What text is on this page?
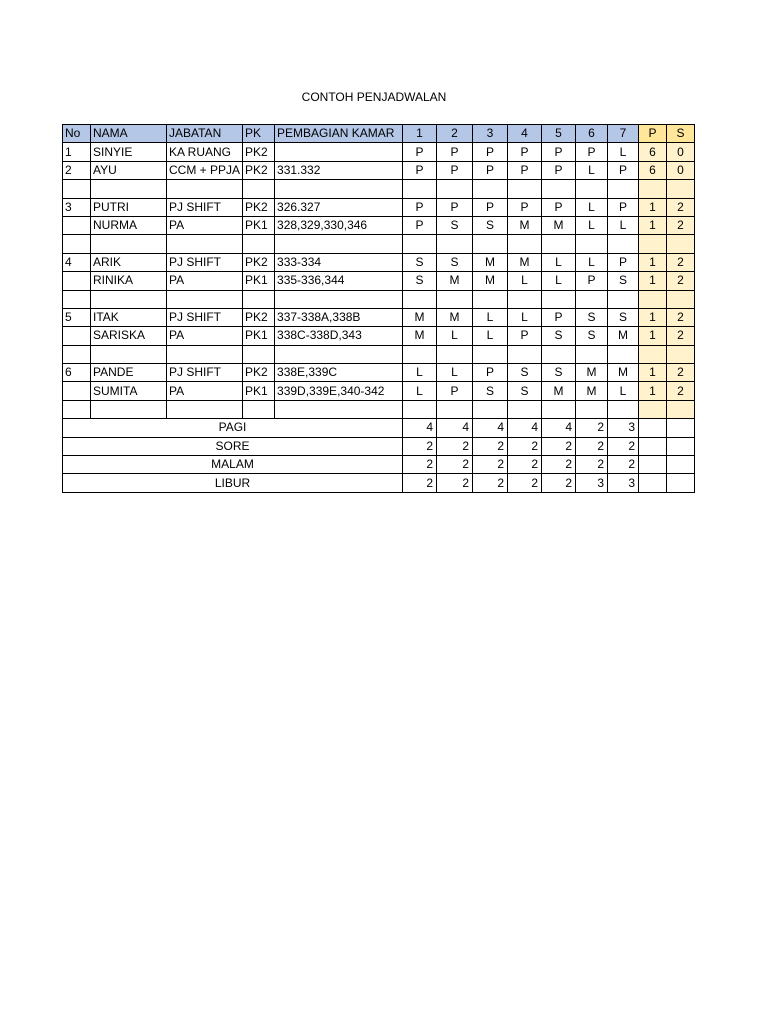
CONTOH PENJADWALAN
No	NAMA	JABATAN	PK	PEMBAGIAN KAMAR	1	2	3	4	5	6	7	P	S
1	SINYIE	KA RUANG	PK2		P	P	P	P	P	P	L	6	0
2	AYU	CCM + PPJA	PK2	331.332	P	P	P	P	P	L	P	6	0

3	PUTRI	PJ SHIFT	PK2	326.327	P	P	P	P	P	L	P	1	2
	NURMA	PA	PK1	328,329,330,346	P	S	S	M	M	L	L	1	2

4	ARIK	PJ SHIFT	PK2	333-334	S	S	M	M	L	L	P	1	2
	RINIKA	PA	PK1	335-336,344	S	M	M	L	L	P	S	1	2

5	ITAK	PJ SHIFT	PK2	337-338A,338B	M	M	L	L	P	S	S	1	2
	SARISKA	PA	PK1	338C-338D,343	M	L	L	P	S	S	M	1	2

6	PANDE	PJ SHIFT	PK2	338E,339C	L	L	P	S	S	M	M	1	2
	SUMITA	PA	PK1	339D,339E,340-342	L	P	S	S	M	M	L	1	2

PAGI					4	4	4	4	4	2	3		
SORE					2	2	2	2	2	2	2		
MALAM					2	2	2	2	2	2	2		
LIBUR					2	2	2	2	2	3	3		
